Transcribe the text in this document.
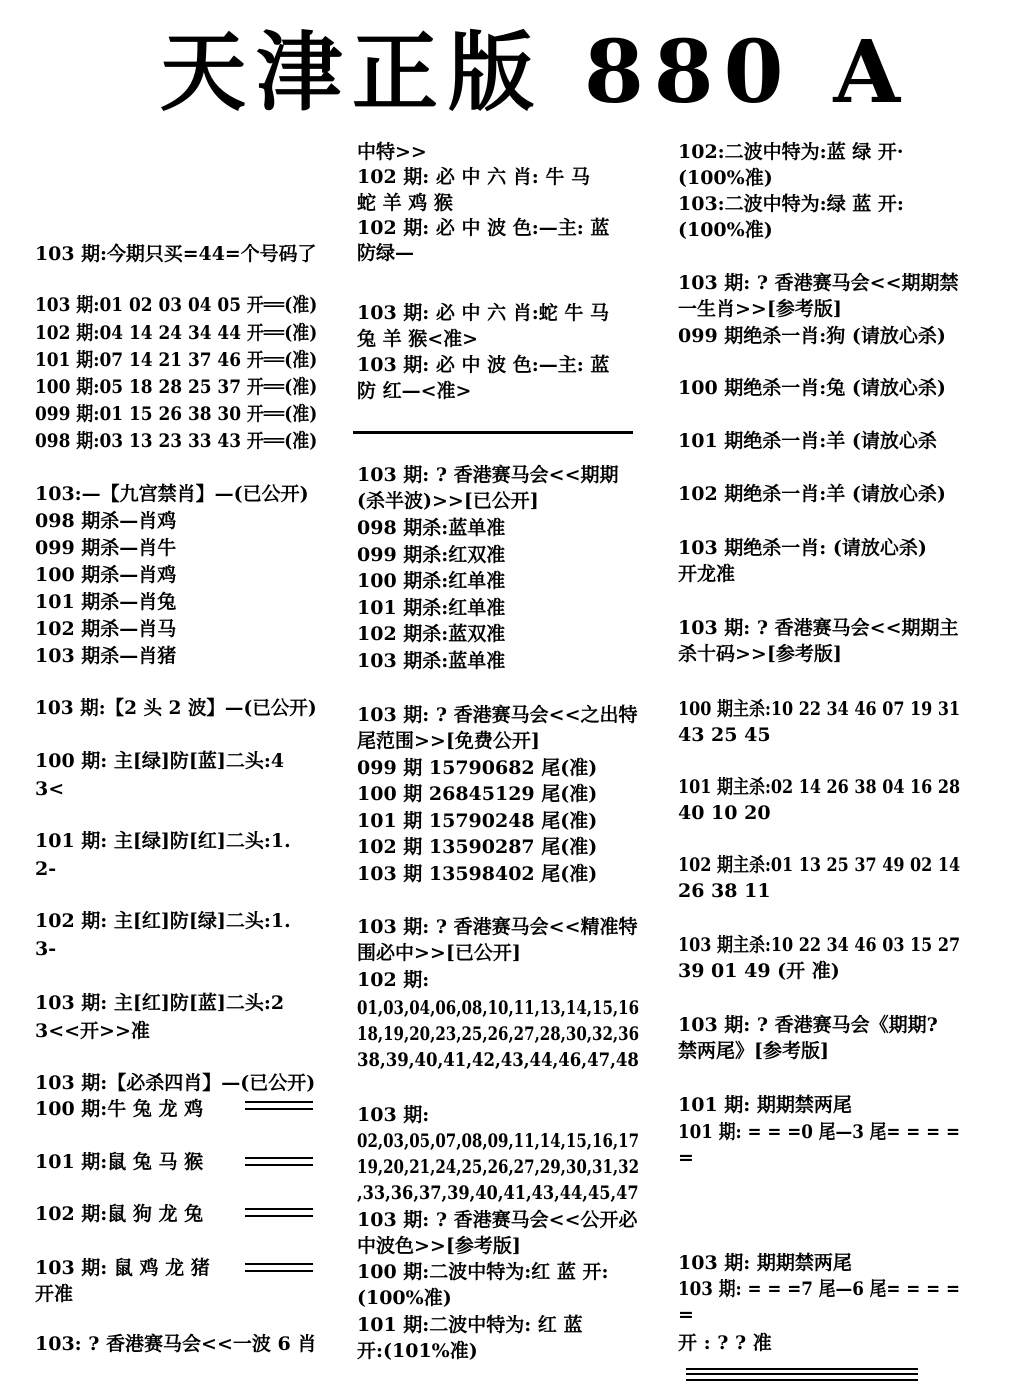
天津正版 880 A
103 期:今期只买=44=个号码了
103 期:01 02 03 04 05 开══(准)
102 期:04 14 24 34 44 开══(准)
101 期:07 14 21 37 46 开══(准)
100 期:05 18 28 25 37 开══(准)
099 期:01 15 26 38 30 开══(准)
098 期:03 13 23 33 43 开══(准)
103:—【九宫禁肖】—(已公开)
098 期杀—肖鸡
099 期杀—肖牛
100 期杀—肖鸡
101 期杀—肖兔
102 期杀—肖马
103 期杀—肖猪
103 期:【2 头 2 波】—(已公开)
100 期: 主[绿]防[蓝]二头:4
3<
101 期: 主[绿]防[红]二头:1.
2-
102 期: 主[红]防[绿]二头:1.
3-
103 期: 主[红]防[蓝]二头:2
3<<开>>准
103 期:【必杀四肖】—(已公开)
100 期:牛 兔 龙 鸡
101 期:鼠 兔 马 猴
102 期:鼠 狗 龙 兔
103 期: 鼠 鸡 龙 猪
开准
103: ? 香港赛马会<<一波 6 肖
中特>>
102 期: 必 中 六 肖: 牛 马
蛇 羊 鸡 猴
102 期: 必 中 波 色:—主: 蓝
防绿—
103 期: 必 中 六 肖:蛇 牛 马
兔 羊 猴<准>
103 期: 必 中 波 色:—主: 蓝
防 红—<准>
103 期: ? 香港赛马会<<期期
(杀半波)>>[已公开]
098 期杀:蓝单准
099 期杀:红双准
100 期杀:红单准
101 期杀:红单准
102 期杀:蓝双准
103 期杀:蓝单准
103 期: ? 香港赛马会<<之出特
尾范围>>[免费公开]
099 期 15790682 尾(准)
100 期 26845129 尾(准)
101 期 15790248 尾(准)
102 期 13590287 尾(准)
103 期 13598402 尾(准)
103 期: ? 香港赛马会<<精准特
围必中>>[已公开]
102 期:
01,03,04,06,08,10,11,13,14,15,16
18,19,20,23,25,26,27,28,30,32,36
38,39,40,41,42,43,44,46,47,48
103 期:
02,03,05,07,08,09,11,14,15,16,17
19,20,21,24,25,26,27,29,30,31,32
,33,36,37,39,40,41,43,44,45,47
103 期: ? 香港赛马会<<公开必
中波色>>[参考版]
100 期:二波中特为:红 蓝 开:
(100%准)
101 期:二波中特为: 红 蓝
开:(101%准)
102:二波中特为:蓝 绿 开·
(100%准)
103:二波中特为:绿 蓝 开:
(100%准)
103 期: ? 香港赛马会<<期期禁
一生肖>>[参考版]
099 期绝杀一肖:狗 (请放心杀)
100 期绝杀一肖:兔 (请放心杀)
101 期绝杀一肖:羊 (请放心杀
102 期绝杀一肖:羊 (请放心杀)
103 期绝杀一肖: (请放心杀)
开龙准
103 期: ? 香港赛马会<<期期主
杀十码>>[参考版]
100 期主杀:10 22 34 46 07 19 31
43 25 45
101 期主杀:02 14 26 38 04 16 28
40 10 20
102 期主杀:01 13 25 37 49 02 14
26 38 11
103 期主杀:10 22 34 46 03 15 27
39 01 49 (开 准)
103 期: ? 香港赛马会《期期?
禁两尾》[参考版]
101 期: 期期禁两尾
101 期: = = =0 尾—3 尾= = = =
=
103 期: 期期禁两尾
103 期: = = =7 尾—6 尾= = = =
=
开 : ? ? 准
